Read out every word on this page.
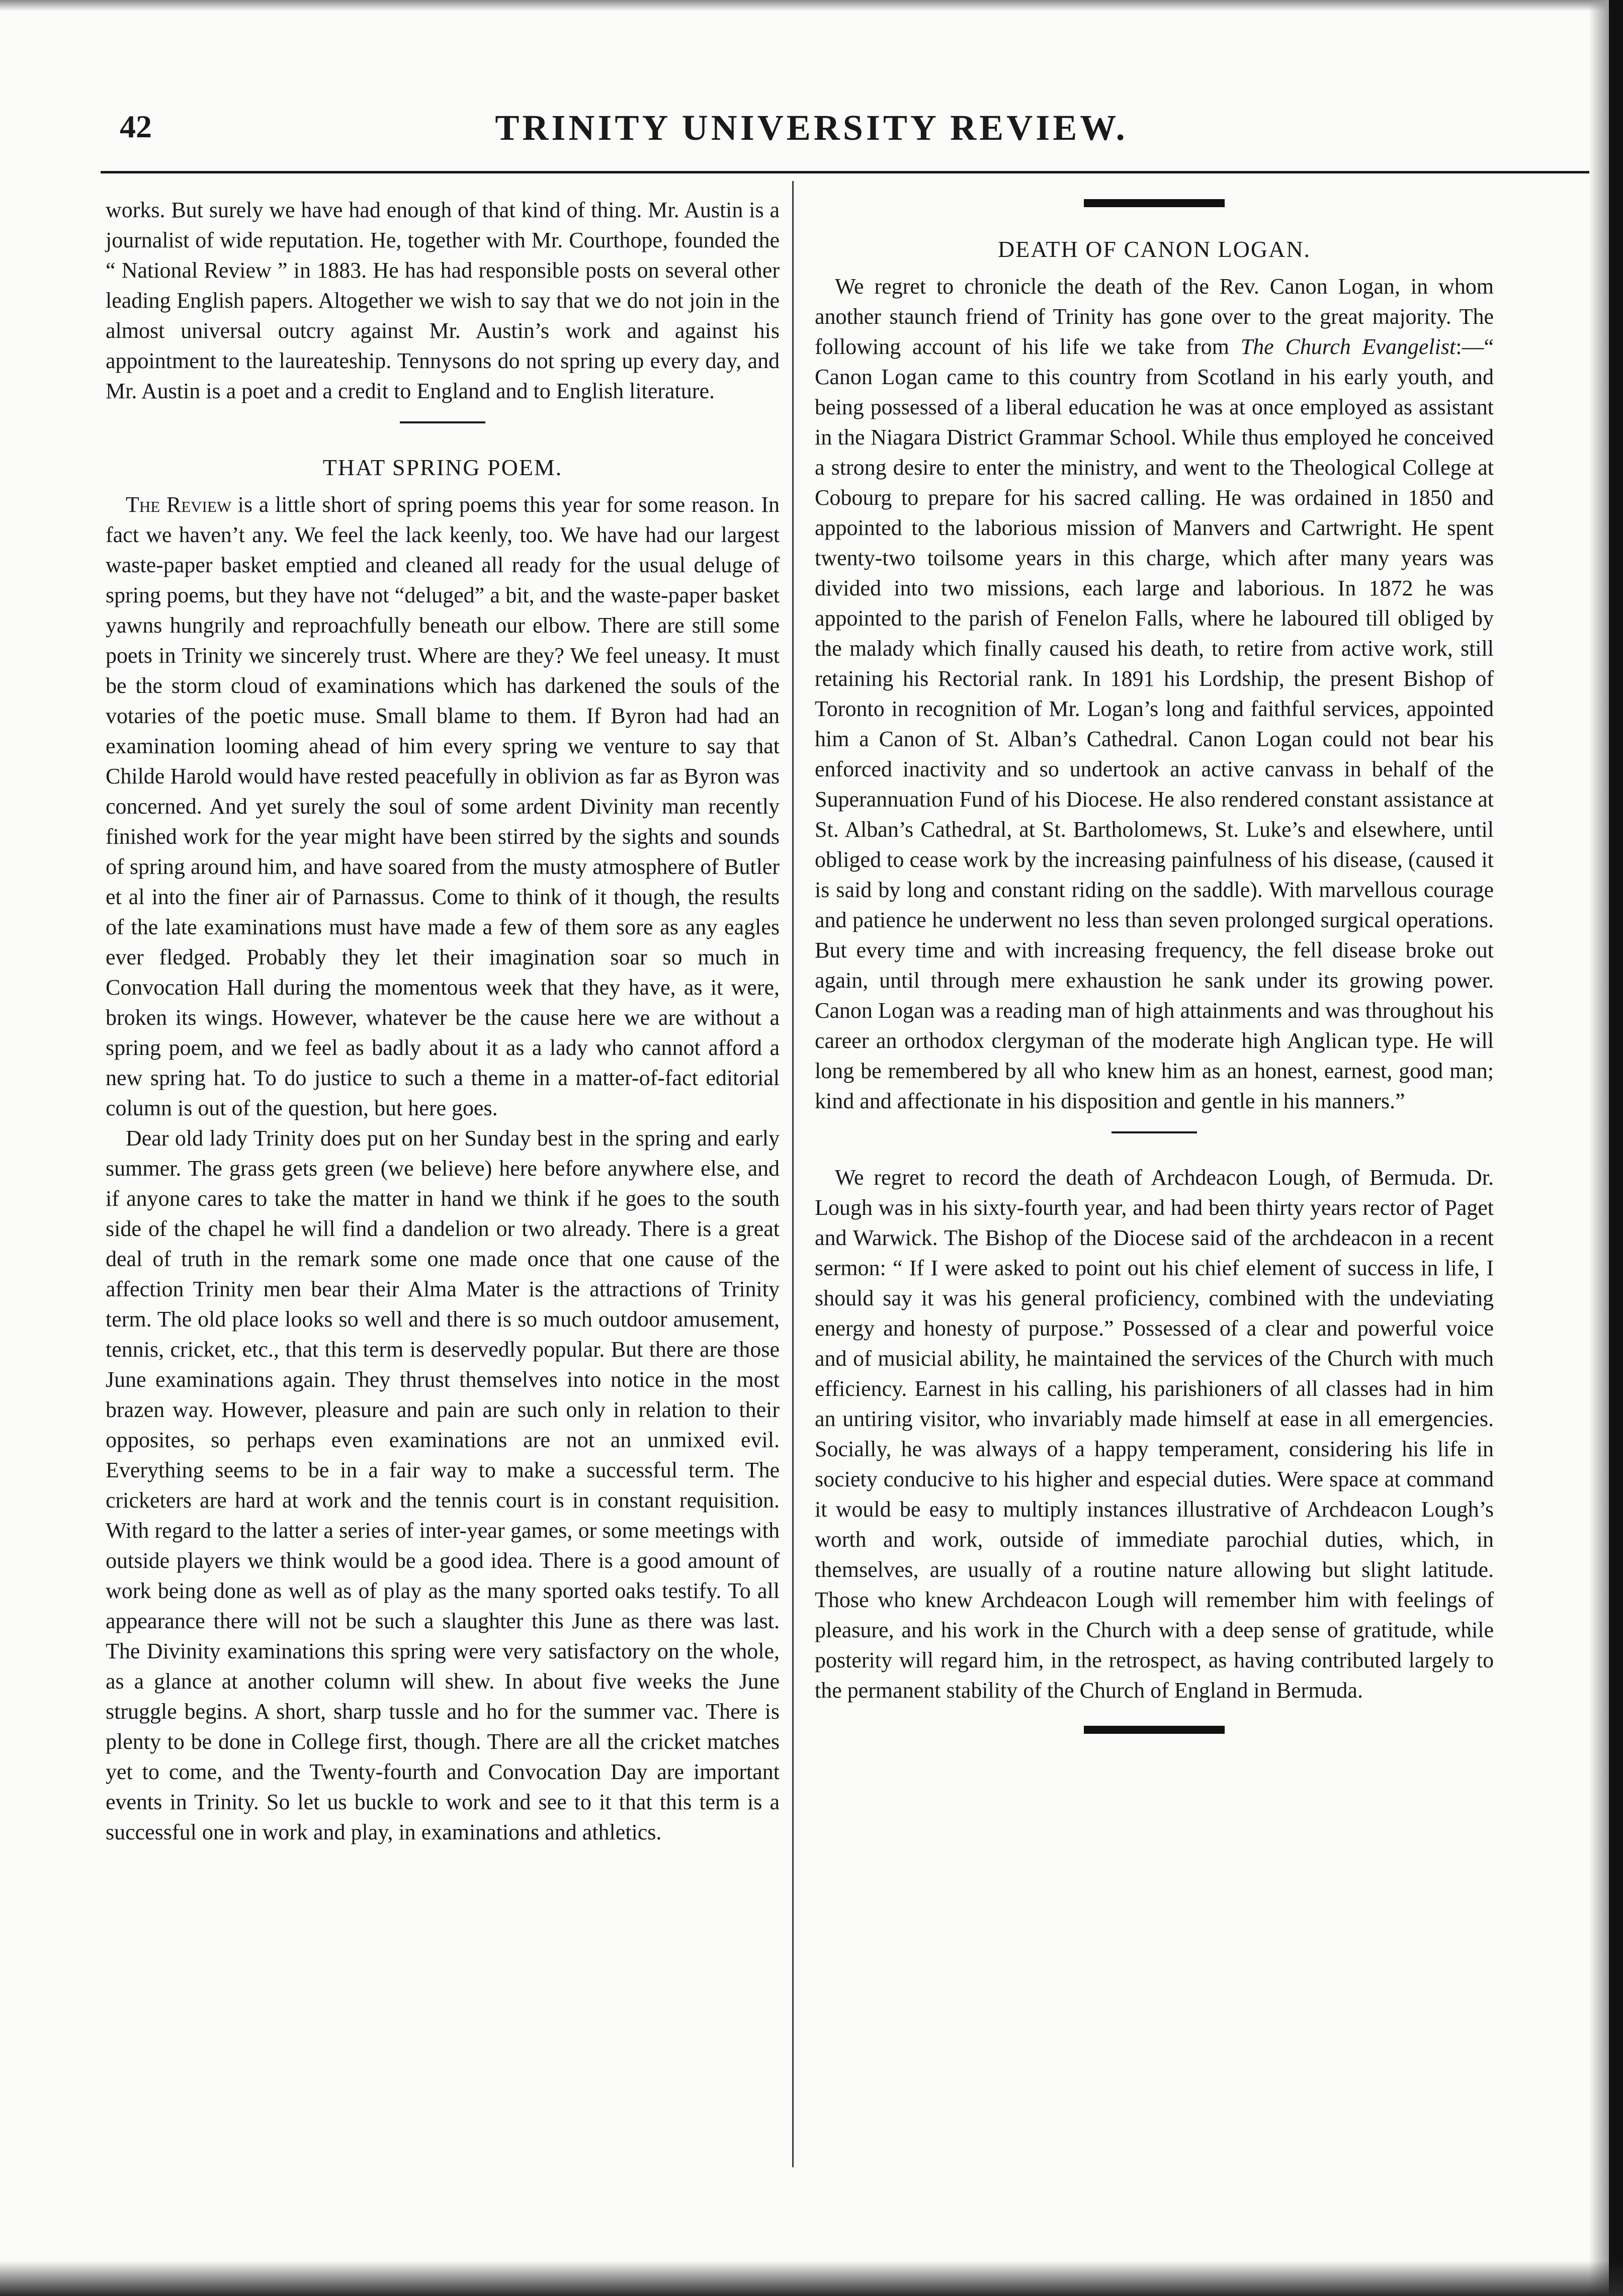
42	TRINITY UNIVERSITY REVIEW.

works. But surely we have had enough of that kind of thing. Mr. Austin is a journalist of wide reputation. He, together with Mr. Courthope, founded the “ National Review ” in 1883. He has had responsible posts on several other leading English papers. Altogether we wish to say that we do not join in the almost universal outcry against Mr. Austin’s work and against his appointment to the laureateship. Tennysons do not spring up every day, and Mr. Austin is a poet and a credit to England and to English literature.

THAT SPRING POEM.

The Review is a little short of spring poems this year for some reason. In fact we haven’t any. We feel the lack keenly, too. We have had our largest waste-paper basket emptied and cleaned all ready for the usual deluge of spring poems, but they have not “deluged” a bit, and the waste-paper basket yawns hungrily and reproachfully beneath our elbow. There are still some poets in Trinity we sincerely trust. Where are they? We feel uneasy. It must be the storm cloud of examinations which has darkened the souls of the votaries of the poetic muse. Small blame to them. If Byron had had an examination looming ahead of him every spring we venture to say that Childe Harold would have rested peacefully in oblivion as far as Byron was concerned. And yet surely the soul of some ardent Divinity man recently finished work for the year might have been stirred by the sights and sounds of spring around him, and have soared from the musty atmosphere of Butler et al into the finer air of Parnassus. Come to think of it though, the results of the late examinations must have made a few of them sore as any eagles ever fledged. Probably they let their imagination soar so much in Convocation Hall during the momentous week that they have, as it were, broken its wings. However, whatever be the cause here we are without a spring poem, and we feel as badly about it as a lady who cannot afford a new spring hat. To do justice to such a theme in a matter-of-fact editorial column is out of the question, but here goes.

Dear old lady Trinity does put on her Sunday best in the spring and early summer. The grass gets green (we believe) here before anywhere else, and if anyone cares to take the matter in hand we think if he goes to the south side of the chapel he will find a dandelion or two already. There is a great deal of truth in the remark some one made once that one cause of the affection Trinity men bear their Alma Mater is the attractions of Trinity term. The old place looks so well and there is so much outdoor amusement, tennis, cricket, etc., that this term is deservedly popular. But there are those June examinations again. They thrust themselves into notice in the most brazen way. However, pleasure and pain are such only in relation to their opposites, so perhaps even examinations are not an unmixed evil. Everything seems to be in a fair way to make a successful term. The cricketers are hard at work and the tennis court is in constant requisition. With regard to the latter a series of inter-year games, or some meetings with outside players we think would be a good idea. There is a good amount of work being done as well as of play as the many sported oaks testify. To all appearance there will not be such a slaughter this June as there was last. The Divinity examinations this spring were very satisfactory on the whole, as a glance at another column will shew. In about five weeks the June struggle begins. A short, sharp tussle and ho for the summer vac. There is plenty to be done in College first, though. There are all the cricket matches yet to come, and the Twenty-fourth and Convocation Day are important events in Trinity. So let us buckle to work and see to it that this term is a successful one in work and play, in examinations and athletics.

DEATH OF CANON LOGAN.

We regret to chronicle the death of the Rev. Canon Logan, in whom another staunch friend of Trinity has gone over to the great majority. The following account of his life we take from The Church Evangelist:—“ Canon Logan came to this country from Scotland in his early youth, and being possessed of a liberal education he was at once employed as assistant in the Niagara District Grammar School. While thus employed he conceived a strong desire to enter the ministry, and went to the Theological College at Cobourg to prepare for his sacred calling. He was ordained in 1850 and appointed to the laborious mission of Manvers and Cartwright. He spent twenty-two toilsome years in this charge, which after many years was divided into two missions, each large and laborious. In 1872 he was appointed to the parish of Fenelon Falls, where he laboured till obliged by the malady which finally caused his death, to retire from active work, still retaining his Rectorial rank. In 1891 his Lordship, the present Bishop of Toronto in recognition of Mr. Logan’s long and faithful services, appointed him a Canon of St. Alban’s Cathedral. Canon Logan could not bear his enforced inactivity and so undertook an active canvass in behalf of the Superannuation Fund of his Diocese. He also rendered constant assistance at St. Alban’s Cathedral, at St. Bartholomews, St. Luke’s and elsewhere, until obliged to cease work by the increasing painfulness of his disease, (caused it is said by long and constant riding on the saddle). With marvellous courage and patience he underwent no less than seven prolonged surgical operations. But every time and with increasing frequency, the fell disease broke out again, until through mere exhaustion he sank under its growing power. Canon Logan was a reading man of high attainments and was throughout his career an orthodox clergyman of the moderate high Anglican type. He will long be remembered by all who knew him as an honest, earnest, good man; kind and affectionate in his disposition and gentle in his manners.”

We regret to record the death of Archdeacon Lough, of Bermuda. Dr. Lough was in his sixty-fourth year, and had been thirty years rector of Paget and Warwick. The Bishop of the Diocese said of the archdeacon in a recent sermon: “ If I were asked to point out his chief element of success in life, I should say it was his general proficiency, combined with the undeviating energy and honesty of purpose.” Possessed of a clear and powerful voice and of musicial ability, he maintained the services of the Church with much efficiency. Earnest in his calling, his parishioners of all classes had in him an untiring visitor, who invariably made himself at ease in all emergencies. Socially, he was always of a happy temperament, considering his life in society conducive to his higher and especial duties. Were space at command it would be easy to multiply instances illustrative of Archdeacon Lough’s worth and work, outside of immediate parochial duties, which, in themselves, are usually of a routine nature allowing but slight latitude. Those who knew Archdeacon Lough will remember him with feelings of pleasure, and his work in the Church with a deep sense of gratitude, while posterity will regard him, in the retrospect, as having contributed largely to the permanent stability of the Church of England in Bermuda.
